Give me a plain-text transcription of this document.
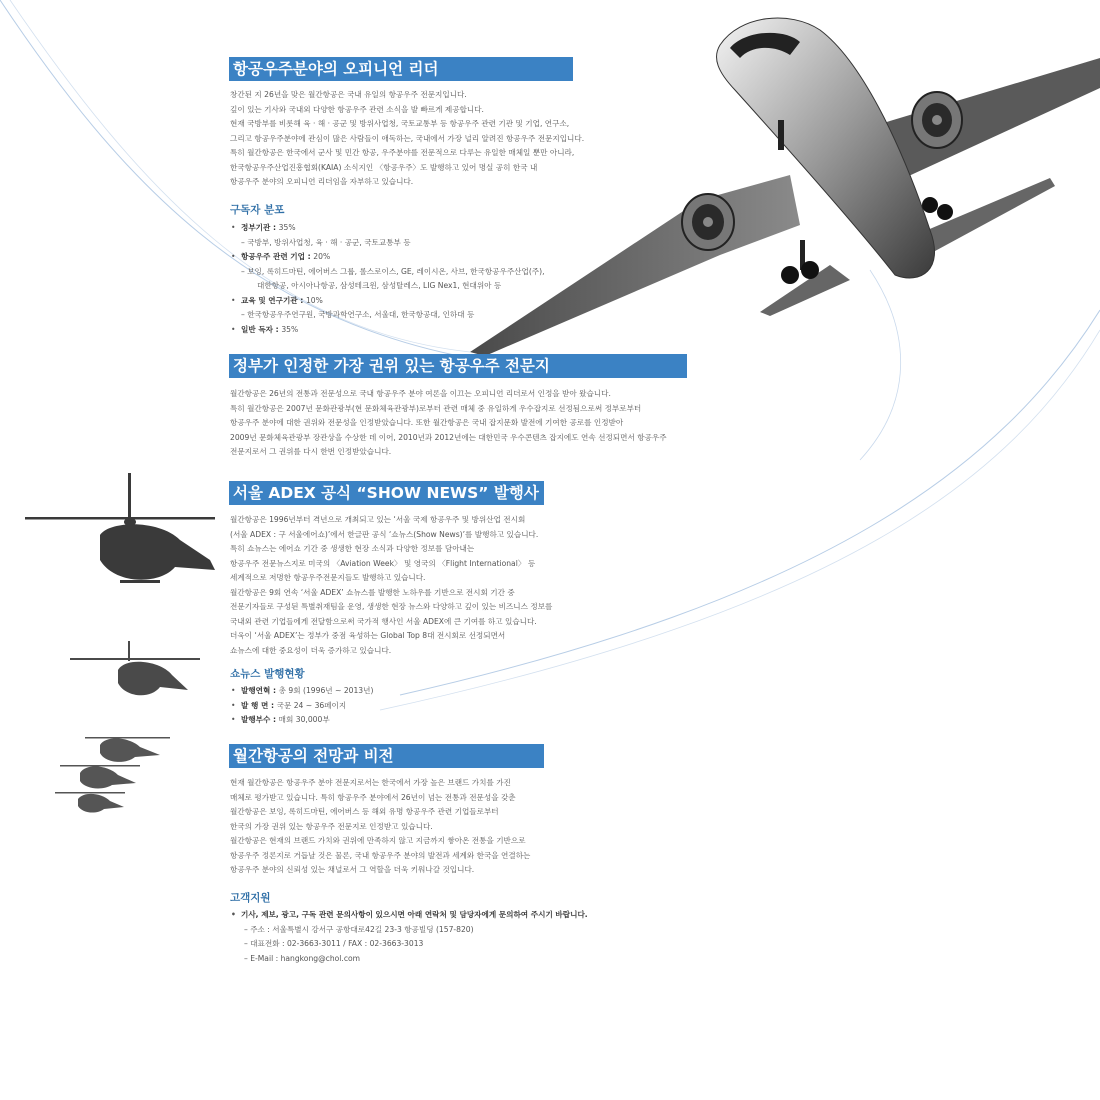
항공우주분야의 오피니언 리더

창간된 지 26년을 맞은 월간항공은 국내 유일의 항공우주 전문지입니다.

깊이 있는 기사와 국내외 다양한 항공우주 관련 소식을 발 빠르게 제공합니다.

현재 국방부를 비롯해 육 · 해 · 공군 및 방위사업청, 국토교통부 등 항공우주 관련 기관 및 기업, 연구소,

그리고 항공우주분야에 관심이 많은 사람들이 애독하는, 국내에서 가장 널리 알려진 항공우주 전문지입니다.

특히 월간항공은 한국에서 군사 및 민간 항공, 우주분야를 전문적으로 다루는 유일한 매체일 뿐만 아니라,

한국항공우주산업진흥협회(KAIA) 소식지인 〈항공우주〉도 발행하고 있어 명실 공히 한국 내

항공우주 분야의 오피니언 리더임을 자부하고 있습니다.

구독자 분포
• 정부기관 : 35%
– 국방부, 방위사업청, 육 · 해 · 공군, 국토교통부 등
• 항공우주 관련 기업 : 20%
– 보잉, 록히드마틴, 에어버스 그룹, 롤스로이스, GE, 레이시온, 사브, 한국항공우주산업(주),
대한항공, 아시아나항공, 삼성테크윈, 삼성탈레스, LIG Nex1, 현대위아 등
• 교육 및 연구기관 : 10%
– 한국항공우주연구원, 국방과학연구소, 서울대, 한국항공대, 인하대 등
• 일반 독자 : 35%
정부가 인정한 가장 권위 있는 항공우주 전문지

월간항공은 26년의 전통과 전문성으로 국내 항공우주 분야 여론을 이끄는 오피니언 리더로서 인정을 받아 왔습니다.

특히 월간항공은 2007년 문화관광부(현 문화체육관광부)로부터 관련 매체 중 유일하게 우수잡지로 선정됨으로써 정부로부터

항공우주 분야에 대한 권위와 전문성을 인정받았습니다. 또한 월간항공은 국내 잡지문화 발전에 기여한 공로를 인정받아

2009년 문화체육관광부 장관상을 수상한 데 이어, 2010년과 2012년에는 대한민국 우수콘텐츠 잡지에도 연속 선정되면서 항공우주

전문지로서 그 권위를 다시 한번 인정받았습니다.

서울 ADEX 공식 “SHOW NEWS” 발행사

월간항공은 1996년부터 격년으로 개최되고 있는 ‘서울 국제 항공우주 및 방위산업 전시회

(서울 ADEX : 구 서울에어쇼)’에서 한글판 공식 ‘쇼뉴스(Show News)’를 발행하고 있습니다.

특히 쇼뉴스는 에어쇼 기간 중 생생한 현장 소식과 다양한 정보를 담아내는

항공우주 전문뉴스지로 미국의 〈Aviation Week〉 및 영국의 〈Flight International〉 등

세계적으로 저명한 항공우주전문지들도 발행하고 있습니다.

월간항공은 9회 연속 ‘서울 ADEX’ 쇼뉴스를 발행한 노하우를 기반으로 전시회 기간 중

전문기자들로 구성된 특별취재팀을 운영, 생생한 현장 뉴스와 다양하고 깊이 있는 비즈니스 정보를

국내외 관련 기업들에게 전달함으로써 국가적 행사인 서울 ADEX에 큰 기여를 하고 있습니다.

더욱이 ‘서울 ADEX’는 정부가 중점 육성하는 Global Top 8대 전시회로 선정되면서

쇼뉴스에 대한 중요성이 더욱 증가하고 있습니다.

쇼뉴스 발행현황
• 발행연혁 : 총 9회 (1996년 ~ 2013년)
• 발 행 면 : 국문 24 ~ 36페이지
• 발행부수 : 매회 30,000부
월간항공의 전망과 비전

현재 월간항공은 항공우주 분야 전문지로서는 한국에서 가장 높은 브랜드 가치를 가진

매체로 평가받고 있습니다. 특히 항공우주 분야에서 26년이 넘는 전통과 전문성을 갖춘

월간항공은 보잉, 록히드마틴, 에어버스 등 해외 유명 항공우주 관련 기업들로부터

한국의 가장 권위 있는 항공우주 전문지로 인정받고 있습니다.

월간항공은 현재의 브랜드 가치와 권위에 만족하지 않고 지금까지 쌓아온 전통을 기반으로

항공우주 정론지로 거듭날 것은 물론, 국내 항공우주 분야의 발전과 세계와 한국을 연결하는

항공우주 분야의 신뢰성 있는 채널로서 그 역할을 더욱 키워나갈 것입니다.

고객지원
• 기사, 제보, 광고, 구독 관련 문의사항이 있으시면 아래 연락처 및 담당자에게 문의하여 주시기 바랍니다.
– 주소 : 서울특별시 강서구 공항대로42길 23-3 항공빌딩 (157-820)
– 대표전화 : 02-3663-3011 / FAX : 02-3663-3013
– E-Mail : hangkong@chol.com
